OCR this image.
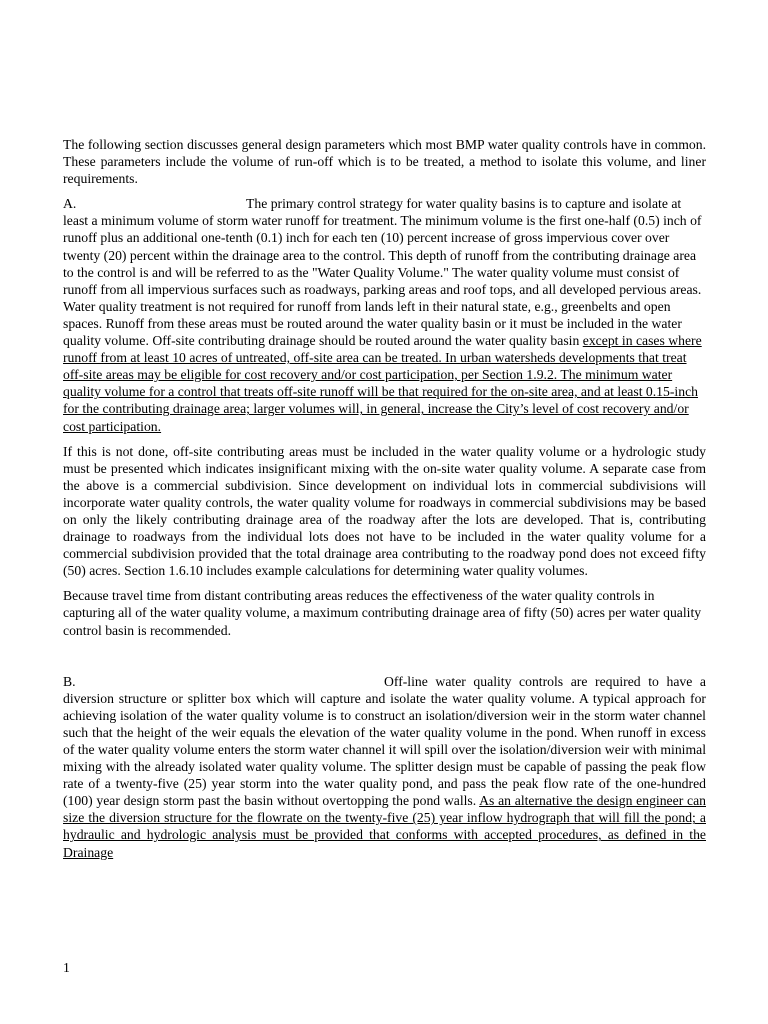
The following section discusses general design parameters which most BMP water quality controls have in common. These parameters include the volume of run-off which is to be treated, a method to isolate this volume, and liner requirements.

A.	The primary control strategy for water quality basins is to capture and isolate at least a minimum volume of storm water runoff for treatment. The minimum volume is the first one-half (0.5) inch of runoff plus an additional one-tenth (0.1) inch for each ten (10) percent increase of gross impervious cover over twenty (20) percent within the drainage area to the control. This depth of runoff from the contributing drainage area to the control is and will be referred to as the "Water Quality Volume." The water quality volume must consist of runoff from all impervious surfaces such as roadways, parking areas and roof tops, and all developed pervious areas. Water quality treatment is not required for runoff from lands left in their natural state, e.g., greenbelts and open spaces. Runoff from these areas must be routed around the water quality basin or it must be included in the water quality volume. Off-site contributing drainage should be routed around the water quality basin except in cases where runoff from at least 10 acres of untreated, off-site area can be treated. In urban watersheds developments that treat off-site areas may be eligible for cost recovery and/or cost participation, per Section 1.9.2. The minimum water quality volume for a control that treats off-site runoff will be that required for the on-site area, and at least 0.15-inch for the contributing drainage area; larger volumes will, in general, increase the City’s level of cost recovery and/or cost participation.

If this is not done, off-site contributing areas must be included in the water quality volume or a hydrologic study must be presented which indicates insignificant mixing with the on-site water quality volume. A separate case from the above is a commercial subdivision. Since development on individual lots in commercial subdivisions will incorporate water quality controls, the water quality volume for roadways in commercial subdivisions may be based on only the likely contributing drainage area of the roadway after the lots are developed. That is, contributing drainage to roadways from the individual lots does not have to be included in the water quality volume for a commercial subdivision provided that the total drainage area contributing to the roadway pond does not exceed fifty (50) acres. Section 1.6.10 includes example calculations for determining water quality volumes.

Because travel time from distant contributing areas reduces the effectiveness of the water quality controls in capturing all of the water quality volume, a maximum contributing drainage area of fifty (50) acres per water quality control basin is recommended.

B.	Off-line water quality controls are required to have a diversion structure or splitter box which will capture and isolate the water quality volume. A typical approach for achieving isolation of the water quality volume is to construct an isolation/diversion weir in the storm water channel such that the height of the weir equals the elevation of the water quality volume in the pond. When runoff in excess of the water quality volume enters the storm water channel it will spill over the isolation/diversion weir with minimal mixing with the already isolated water quality volume. The splitter design must be capable of passing the peak flow rate of a twenty-five (25) year storm into the water quality pond, and pass the peak flow rate of the one-hundred (100) year design storm past the basin without overtopping the pond walls. As an alternative the design engineer can size the diversion structure for the flowrate on the twenty-five (25) year inflow hydrograph that will fill the pond; a hydraulic and hydrologic analysis must be provided that conforms with accepted procedures, as defined in the Drainage

1
